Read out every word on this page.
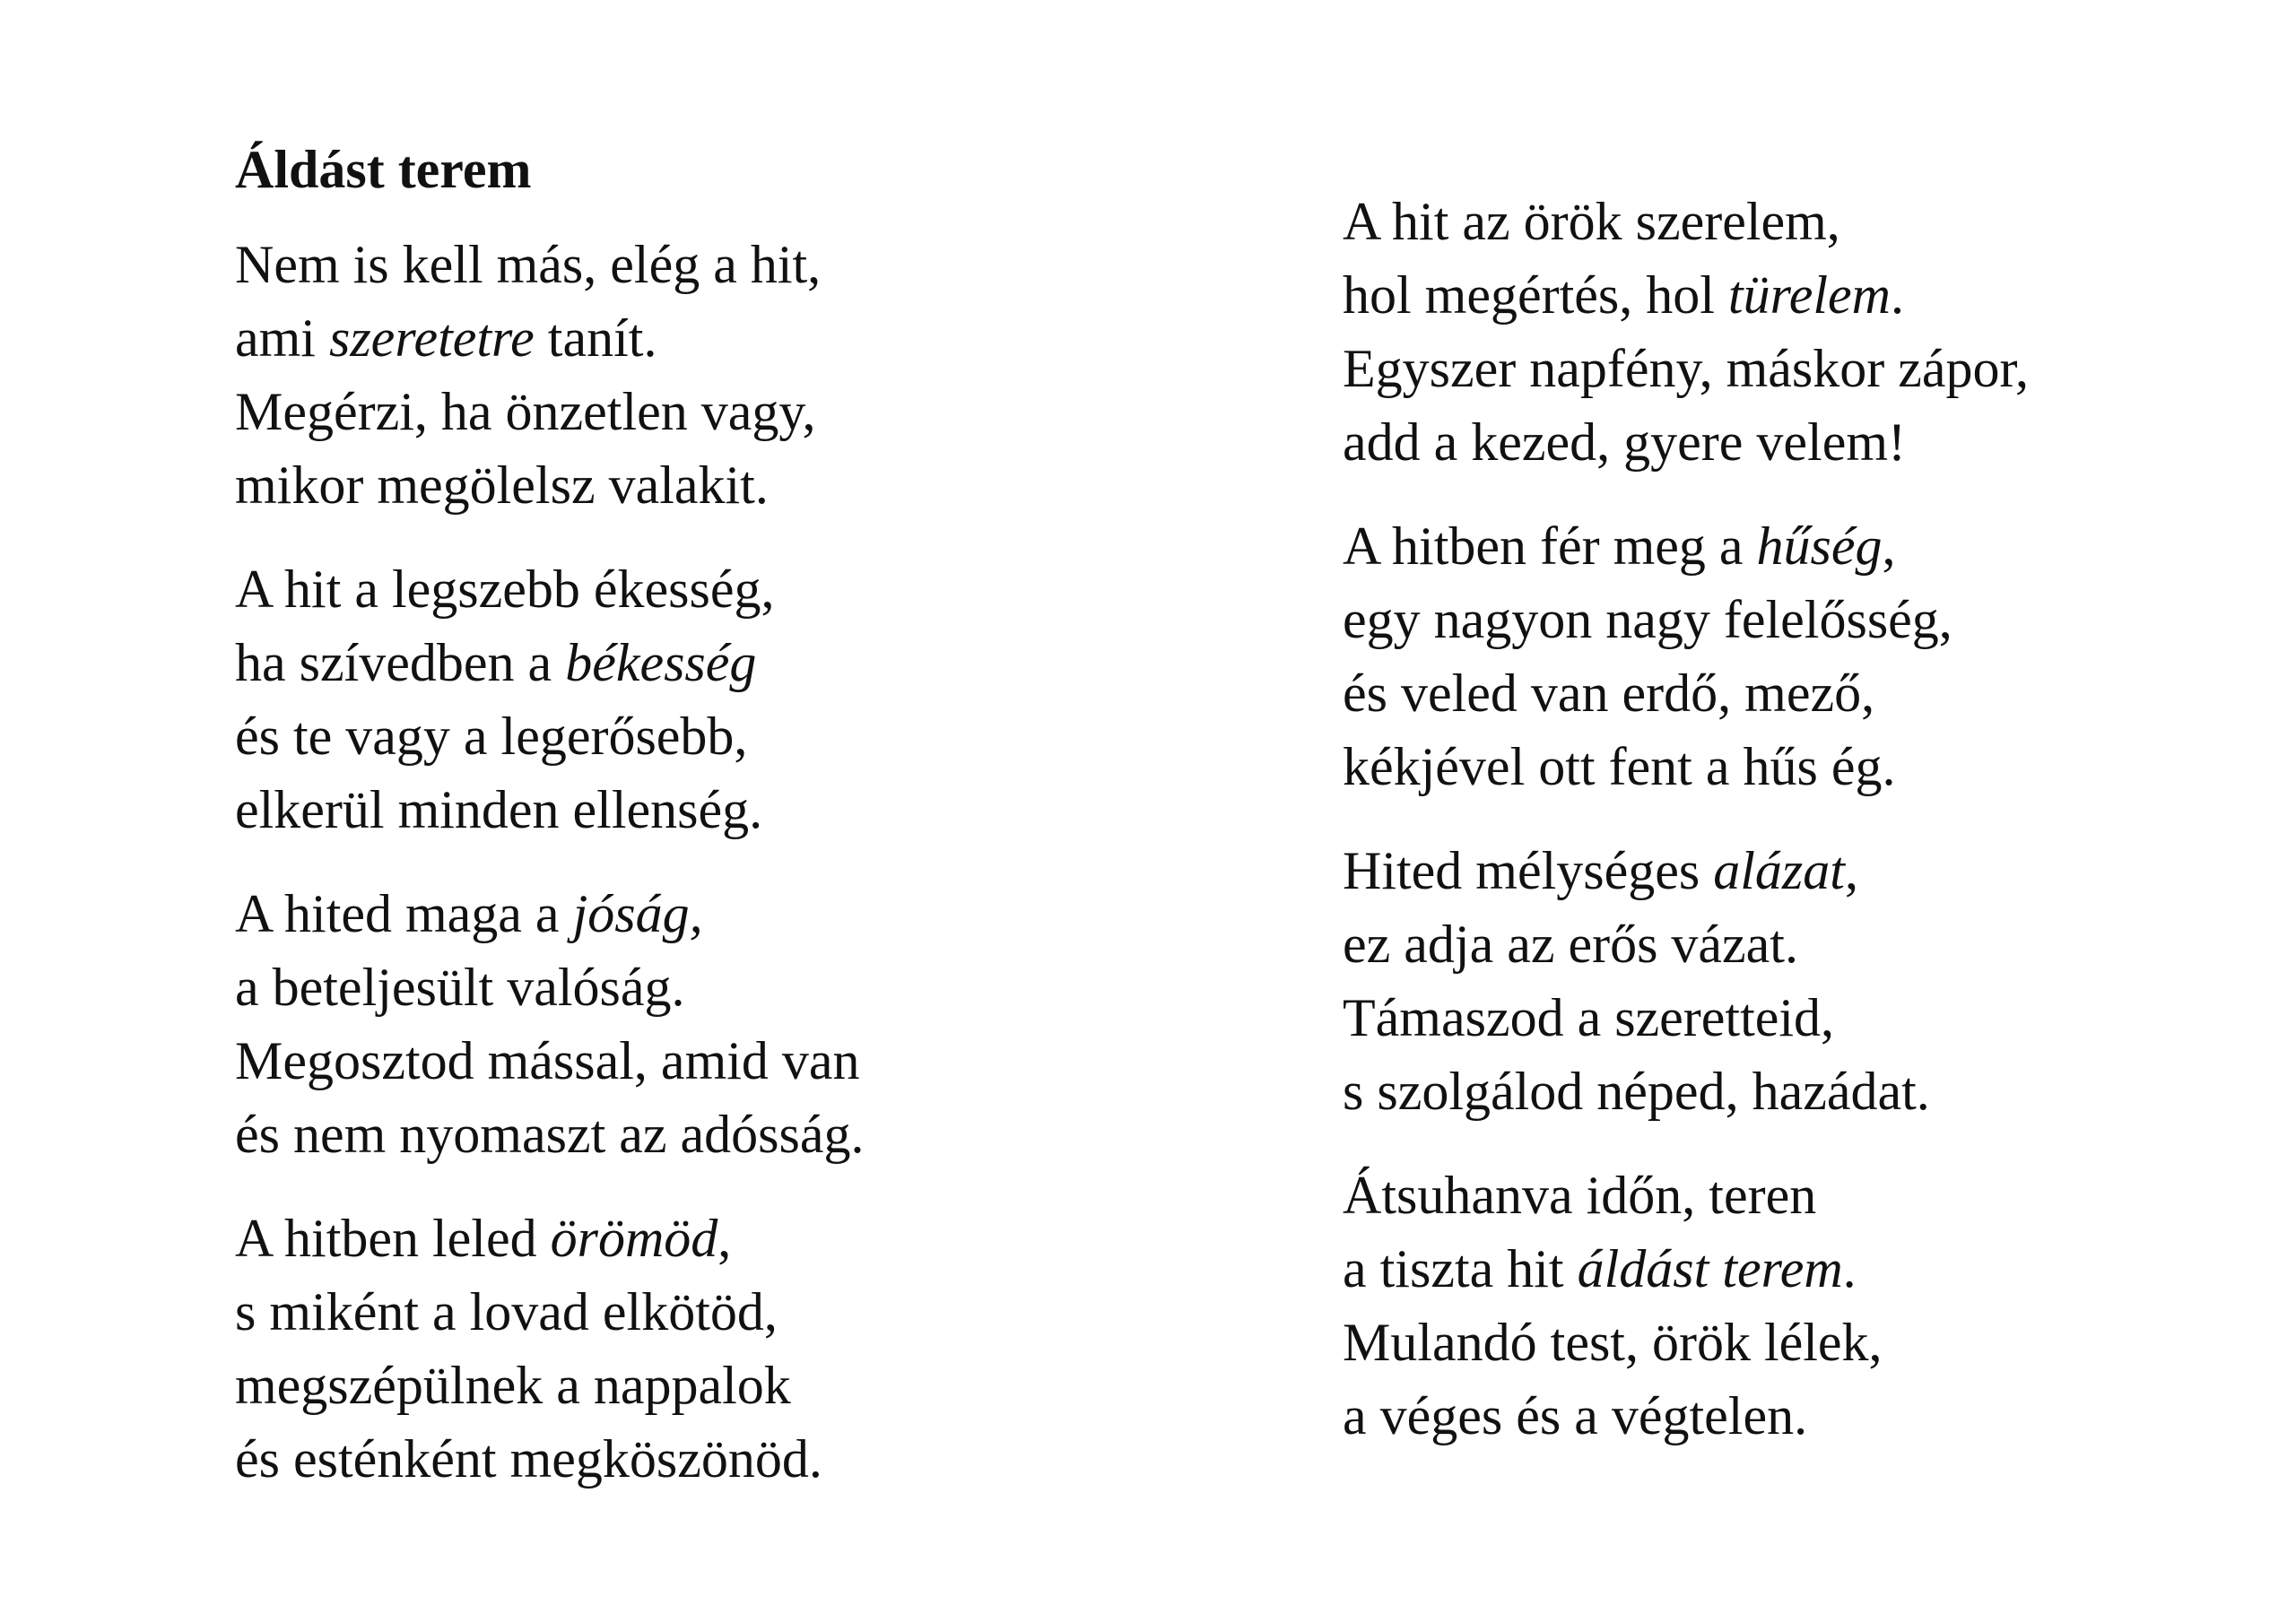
Áldást terem
Nem is kell más, elég a hit,
ami szeretetre tanít.
Megérzi, ha önzetlen vagy,
mikor megölelsz valakit.
A hit a legszebb ékesség,
ha szívedben a békesség
és te vagy a legerősebb,
elkerül minden ellenség.
A hited maga a jóság,
a beteljesült valóság.
Megosztod mással, amid van
és nem nyomaszt az adósság.
A hitben leled örömöd,
s miként a lovad elkötöd,
megszépülnek a nappalok
és esténként megköszönöd.
A hit az örök szerelem,
hol megértés, hol türelem.
Egyszer napfény, máskor zápor,
add a kezed, gyere velem!
A hitben fér meg a hűség,
egy nagyon nagy felelősség,
és veled van erdő, mező,
kékjével ott fent a hűs ég.
Hited mélységes alázat,
ez adja az erős vázat.
Támaszod a szeretteid,
s szolgálod néped, hazádat.
Átsuhanva időn, teren
a tiszta hit áldást terem.
Mulandó test, örök lélek,
a véges és a végtelen.
